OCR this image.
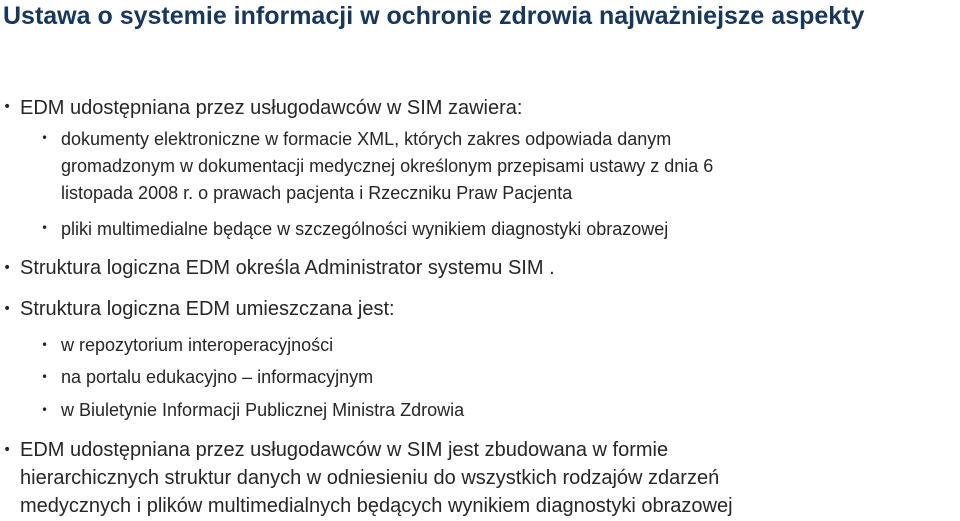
Ustawa o systemie informacji w ochronie zdrowia najważniejsze aspekty
• EDM udostępniana przez usługodawców w SIM zawiera:
• dokumenty elektroniczne w formacie XML, których zakres odpowiada danym
gromadzonym w dokumentacji medycznej określonym przepisami ustawy z dnia 6
listopada 2008 r. o prawach pacjenta i Rzeczniku Praw Pacjenta
• pliki multimedialne będące w szczególności wynikiem diagnostyki obrazowej
• Struktura logiczna EDM określa Administrator systemu SIM .
• Struktura logiczna EDM umieszczana jest:
• w repozytorium interoperacyjności
• na portalu edukacyjno – informacyjnym
• w Biuletynie Informacji Publicznej Ministra Zdrowia
• EDM udostępniana przez usługodawców w SIM jest zbudowana w formie
hierarchicznych struktur danych w odniesieniu do wszystkich rodzajów zdarzeń
medycznych i plików multimedialnych będących wynikiem diagnostyki obrazowej
